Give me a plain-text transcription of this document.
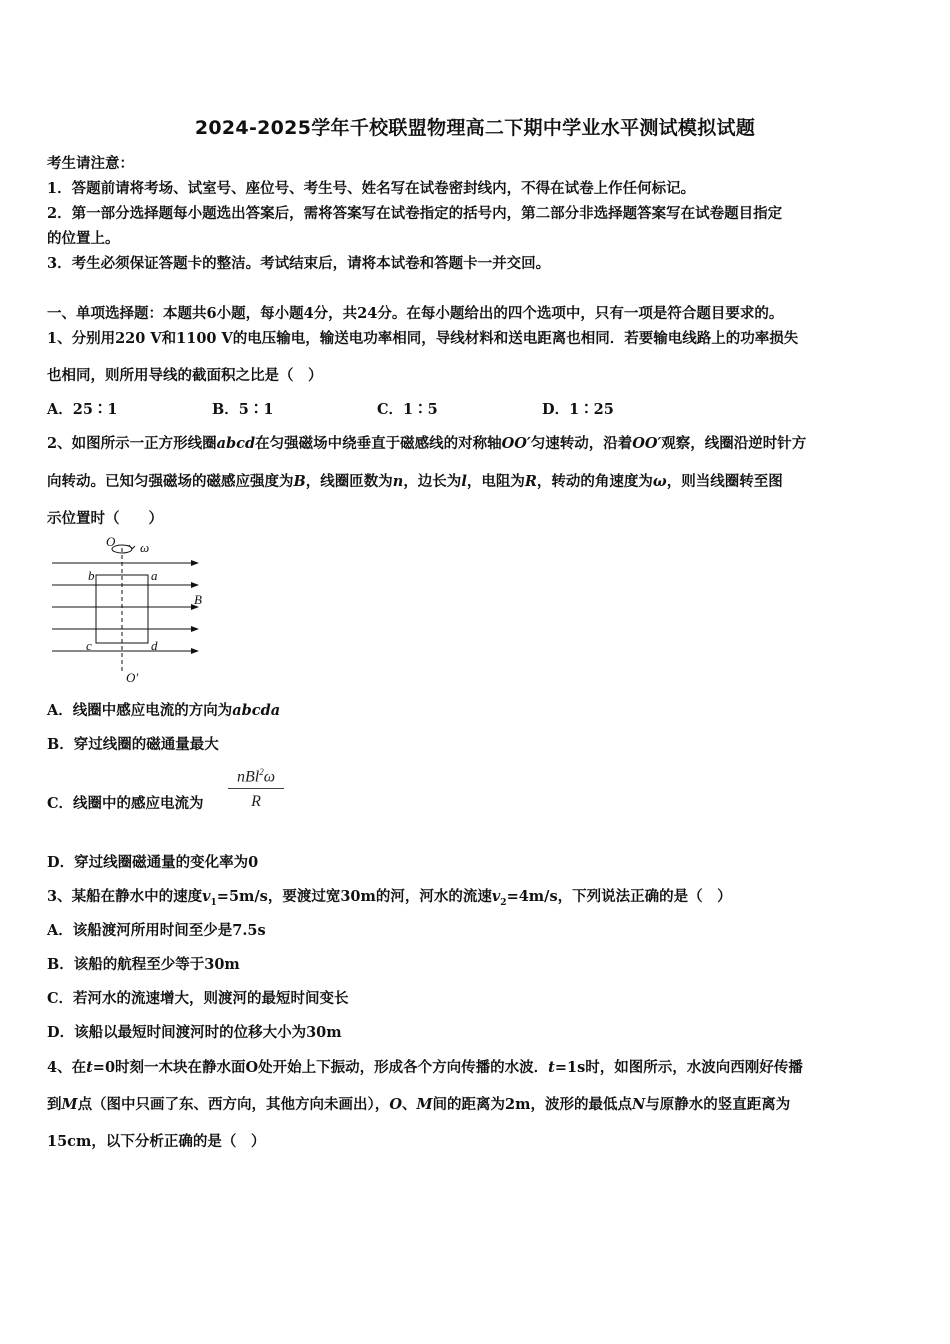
2024-2025学年千校联盟物理高二下期中学业水平测试模拟试题
考生请注意：
1．答题前请将考场、试室号、座位号、考生号、姓名写在试卷密封线内，不得在试卷上作任何标记。
2．第一部分选择题每小题选出答案后，需将答案写在试卷指定的括号内，第二部分非选择题答案写在试卷题目指定
的位置上。
3．考生必须保证答题卡的整洁。考试结束后，请将本试卷和答题卡一并交回。
一、单项选择题：本题共6小题，每小题4分，共24分。在每小题给出的四个选项中，只有一项是符合题目要求的。
1、分别用220 V和1100 V的电压输电，输送电功率相同，导线材料和送电距离也相同．若要输电线路上的功率损失
也相同，则所用导线的截面积之比是（　）
A．25∶1	B．5∶1	C．1∶5	D．1∶25
2、如图所示一正方形线圈abcd在匀强磁场中绕垂直于磁感线的对称轴OO′匀速转动，沿着OO′观察，线圈沿逆时针方
向转动。已知匀强磁场的磁感应强度为B，线圈匝数为n，边长为l，电阻为R，转动的角速度为ω，则当线圈转至图
示位置时（　　）
O ω
b	a
B
c	d
O′
A．线圈中感应电流的方向为abcda
B．穿过线圈的磁通量最大
C．线圈中的感应电流为
nBl$^2$ω
R
D．穿过线圈磁通量的变化率为0
3、某船在静水中的速度$v_1=5m/s$，要渡过宽30m的河，河水的流速$v_2=4m/s$，下列说法正确的是（　）
A．该船渡河所用时间至少是7.5s
B．该船的航程至少等于30m
C．若河水的流速增大，则渡河的最短时间变长
D．该船以最短时间渡河时的位移大小为30m
4、在t=0时刻一木块在静水面O处开始上下振动，形成各个方向传播的水波．t=1s时，如图所示，水波向西刚好传播
到M点（图中只画了东、西方向，其他方向未画出），O、M间的距离为2m，波形的最低点N与原静水的竖直距离为
15cm，以下分析正确的是（　）
